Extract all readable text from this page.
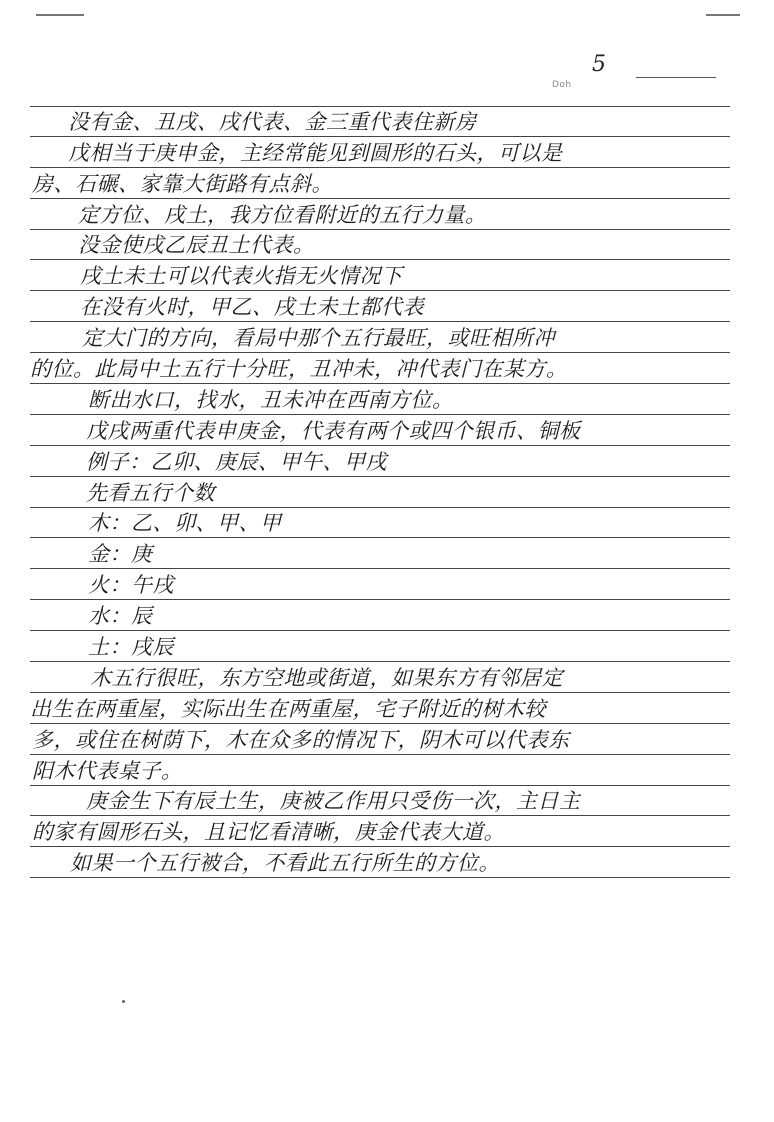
5
Doh
没有金、丑戌、戌代表、金三重代表住新房
戊相当于庚申金，主经常能见到圆形的石头，可以是
房、石碾、家靠大街路有点斜。
定方位、戌土，我方位看附近的五行力量。
没金使戌乙辰丑土代表。
戌土未土可以代表火指无火情况下
在没有火时，甲乙、戌土未土都代表
定大门的方向，看局中那个五行最旺，或旺相所冲
的位。此局中土五行十分旺，丑冲未，冲代表门在某方。
断出水口，找水，丑未冲在西南方位。
戊戌两重代表申庚金，代表有两个或四个银币、铜板
例子：乙卯、庚辰、甲午、甲戌
先看五行个数
木：乙、卯、甲、甲
金：庚
火：午戌
水：辰
土：戌辰
木五行很旺，东方空地或街道，如果东方有邻居定
出生在两重屋，实际出生在两重屋，宅子附近的树木较
多，或住在树荫下，木在众多的情况下，阴木可以代表东
阳木代表桌子。
庚金生下有辰土生，庚被乙作用只受伤一次，主日主
的家有圆形石头，且记忆看清晰，庚金代表大道。
如果一个五行被合，不看此五行所生的方位。
